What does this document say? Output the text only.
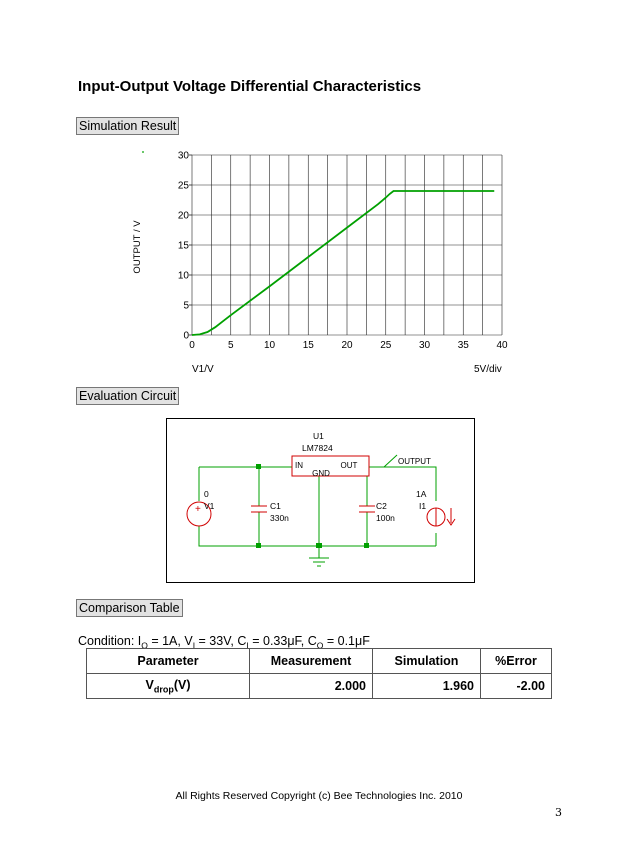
Input-Output Voltage Differential Characteristics
Simulation Result
0	5	10	15	20	25	30	35	40
0
5
10
15
20
25
30
OUTPUT / V
V1/V	5V/div
Evaluation Circuit
+
U1
LM7824
IN	OUT
GND
OUTPUT
0
V1	C1
330n
C2
100n
1A
I1
Comparison Table
Condition: $I_O = 1A$, $V_I = 33V$, $C_I = 0.33\mu F$, $C_O = 0.1\mu F$
Parameter	Measurement	Simulation	%Error
$V_{drop}(V)$	2.000	1.960	-2.00
All Rights Reserved Copyright (c) Bee Technologies Inc. 2010
3
